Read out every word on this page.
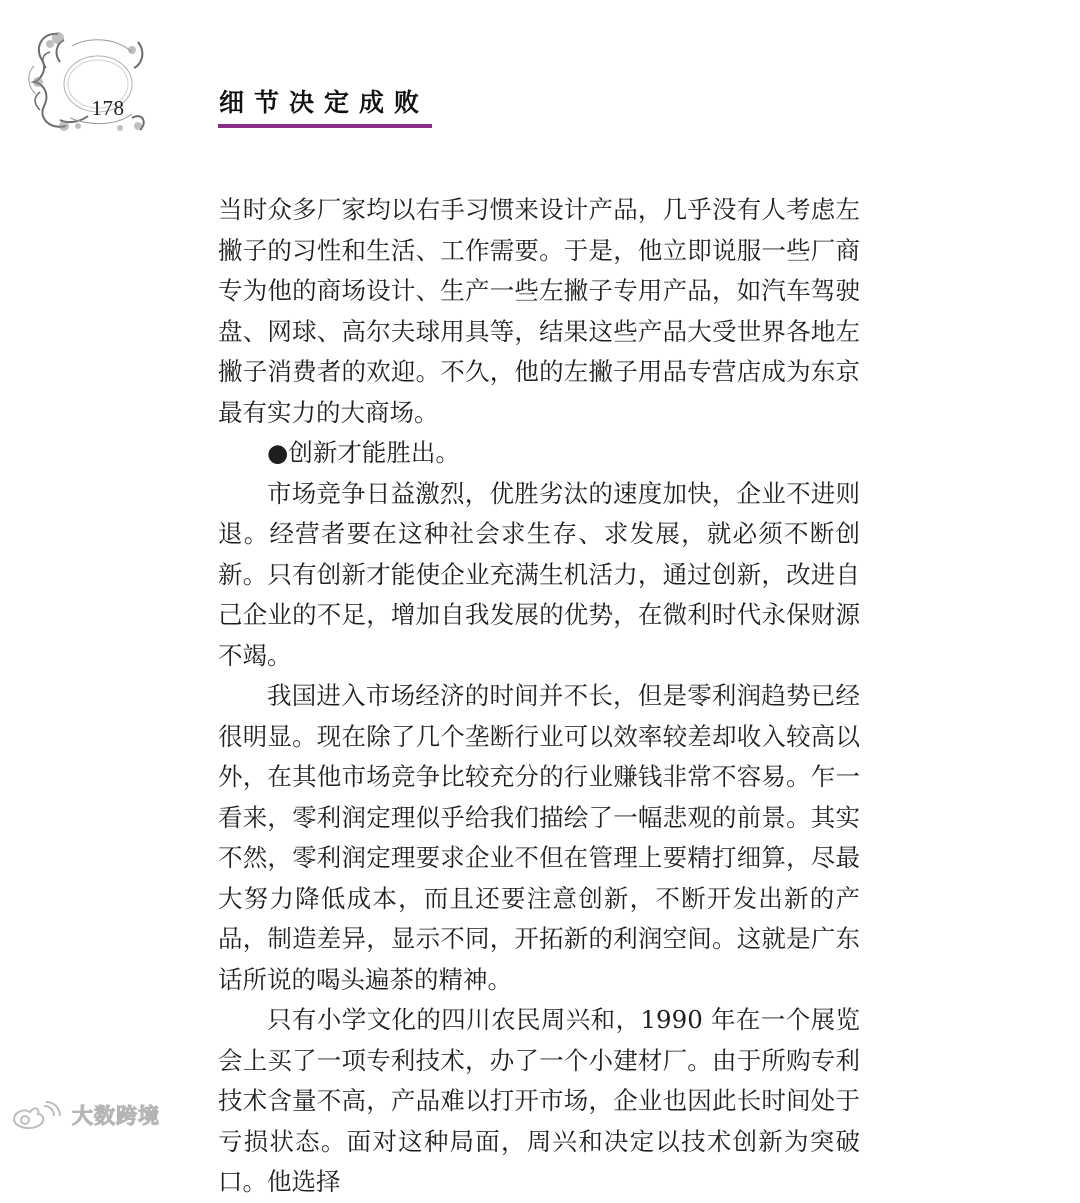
178	细节决定成败

当时众多厂家均以右手习惯来设计产品，几乎没有人考虑左撇子的习性和生活、工作需要。于是，他立即说服一些厂商专为他的商场设计、生产一些左撇子专用产品，如汽车驾驶盘、网球、高尔夫球用具等，结果这些产品大受世界各地左撇子消费者的欢迎。不久，他的左撇子用品专营店成为东京最有实力的大商场。

●创新才能胜出。

市场竞争日益激烈，优胜劣汰的速度加快，企业不进则退。经营者要在这种社会求生存、求发展，就必须不断创新。只有创新才能使企业充满生机活力，通过创新，改进自己企业的不足，增加自我发展的优势，在微利时代永保财源不竭。

我国进入市场经济的时间并不长，但是零利润趋势已经很明显。现在除了几个垄断行业可以效率较差却收入较高以外，在其他市场竞争比较充分的行业赚钱非常不容易。乍一看来，零利润定理似乎给我们描绘了一幅悲观的前景。其实不然，零利润定理要求企业不但在管理上要精打细算，尽最大努力降低成本，而且还要注意创新，不断开发出新的产品，制造差异，显示不同，开拓新的利润空间。这就是广东话所说的喝头遍茶的精神。

只有小学文化的四川农民周兴和，1990 年在一个展览会上买了一项专利技术，办了一个小建材厂。由于所购专利技术含量不高，产品难以打开市场，企业也因此长时间处于亏损状态。面对这种局面，周兴和决定以技术创新为突破口。他选择

大数跨境
